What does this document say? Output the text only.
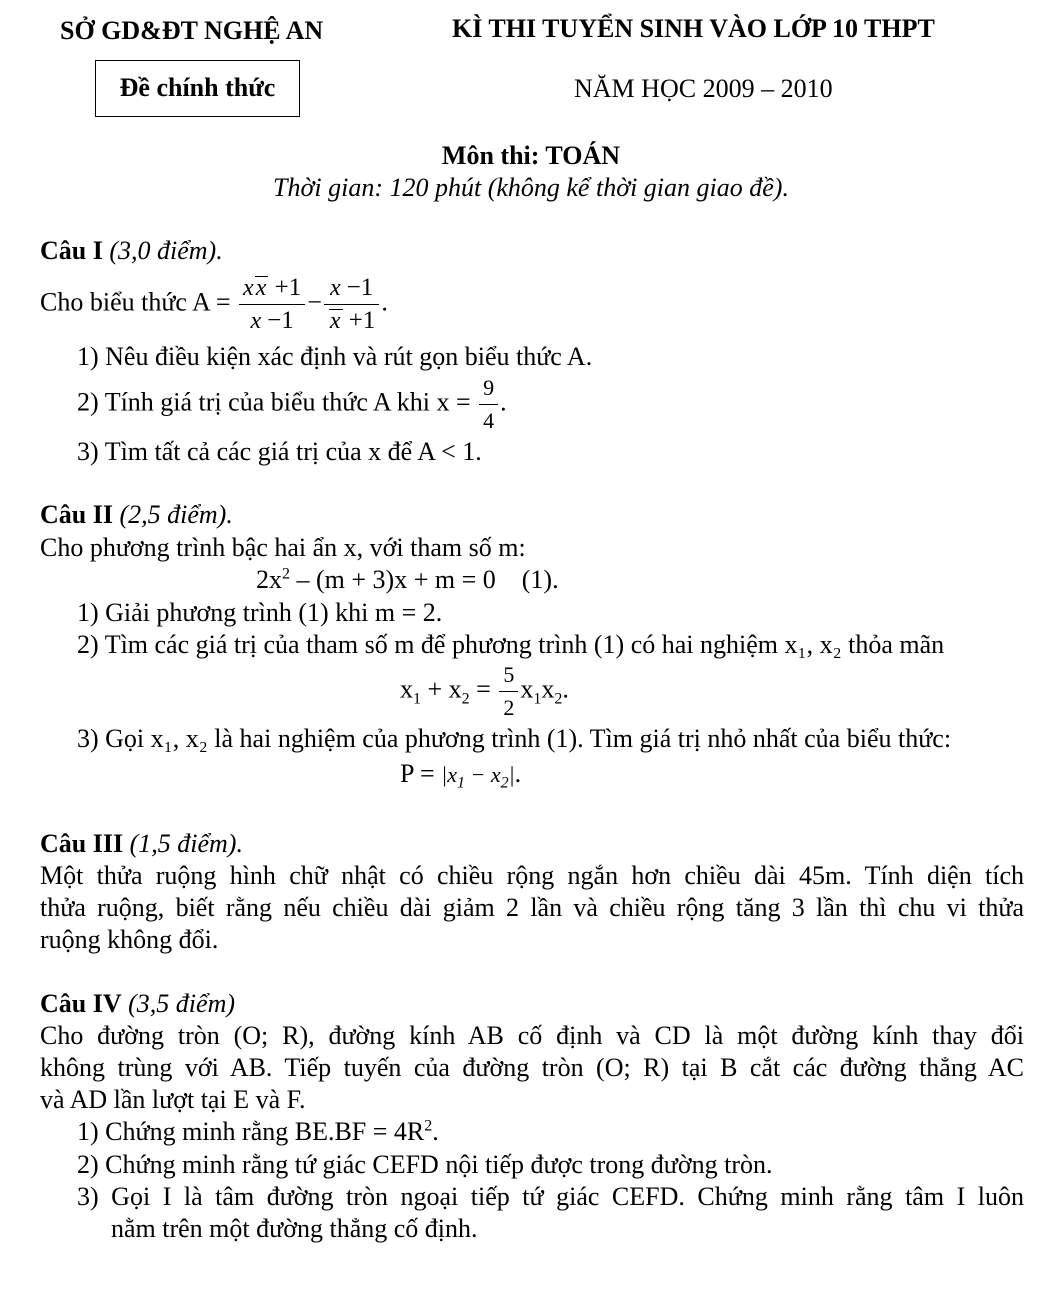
SỞ GD&ĐT NGHỆ AN	KÌ THI TUYỂN SINH VÀO LỚP 10 THPT
Đề chính thức	NĂM HỌC 2009 – 2010
Môn thi: TOÁN
Thời gian: 120 phút (không kể thời gian giao đề).
Câu I (3,0 điểm).
Cho biểu thức $A = \frac{xx +1}{x -1} - \frac{x -1}{x +1}$ .
1) Nêu điều kiện xác định và rút gọn biểu thức A.
2) Tính giá trị của biểu thức A khi $x = \frac{9}{4}$ .
3) Tìm tất cả các giá trị của x để A < 1.
Câu II (2,5 điểm).
Cho phương trình bậc hai ẩn x, với tham số m:
$2x^2 - (m + 3)x + m = 0$    (1).
1) Giải phương trình (1) khi m = 2.
2) Tìm các giá trị của tham số m để phương trình (1) có hai nghiệm x₁, x₂ thỏa mãn
$x_1 + x_2 = \frac{5}{2} x_1x_2$.
3) Gọi x₁, x₂ là hai nghiệm của phương trình (1). Tìm giá trị nhỏ nhất của biểu thức:
$P = |x_1 - x_2|$.
Câu III (1,5 điểm).
Một thửa ruộng hình chữ nhật có chiều rộng ngắn hơn chiều dài 45m. Tính diện tích
thửa ruộng, biết rằng nếu chiều dài giảm 2 lần và chiều rộng tăng 3 lần thì chu vi thửa
ruộng không đổi.
Câu IV (3,5 điểm)
Cho đường tròn (O; R), đường kính AB cố định và CD là một đường kính thay đổi
không trùng với AB. Tiếp tuyến của đường tròn (O; R) tại B cắt các đường thẳng AC
và AD lần lượt tại E và F.
1) Chứng minh rằng $BE.BF = 4R^2$.
2) Chứng minh rằng tứ giác CEFD nội tiếp được trong đường tròn.
3) Gọi I là tâm đường tròn ngoại tiếp tứ giác CEFD. Chứng minh rằng tâm I luôn
nằm trên một đường thẳng cố định.
